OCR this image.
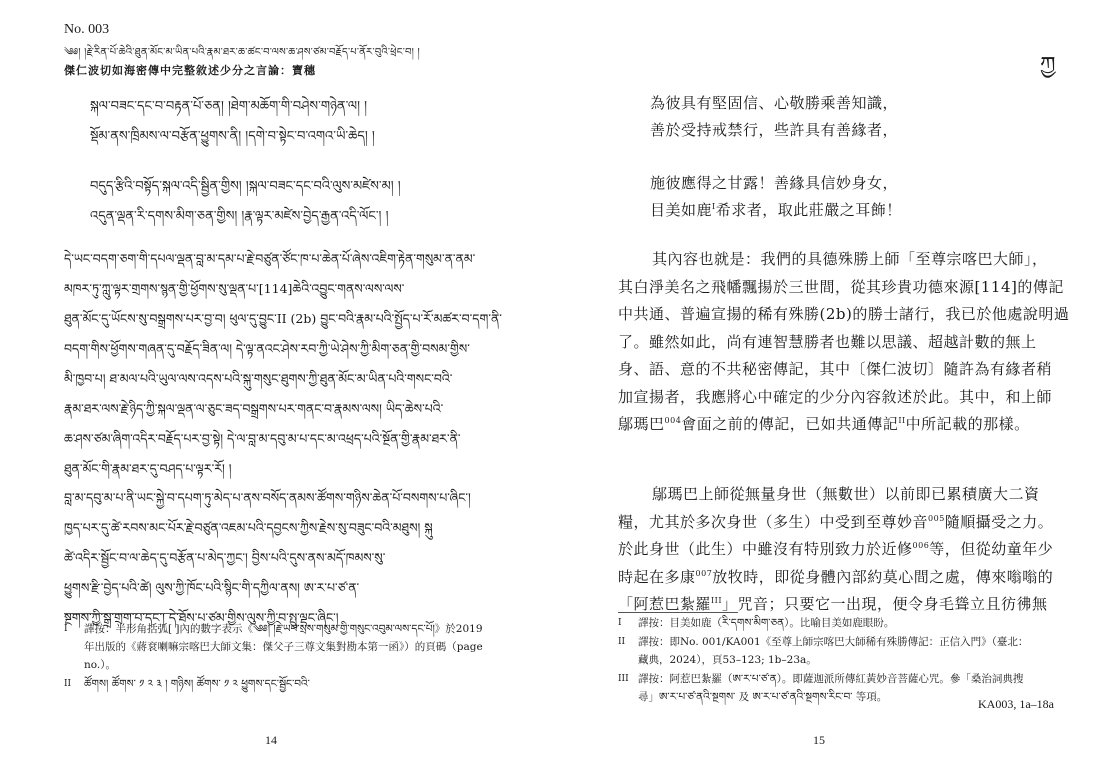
No. 003
༄༅། །རྗེ་རིན་པོ་ཆེའི་ཐུན་མོང་མ་ཡིན་པའི་རྣམ་ཐར་ཆ་ཚང་བ་ལས་ཆ་ཤས་ཙམ་བརྗོད་པ་ནོར་བུའི་ཕྲེང་བ། །
傑仁波切如海密傳中完整敘述少分之言論：寶穗

སྐལ་བཟང་དང་བ་བརྟན་པོ་ཅན། །ཐེག་མཆོག་གི་བཤེས་གཉེན་ལ། །

སྡོམ་ནས་ཁྲིམས་ལ་བརྩོན་ཕྱུགས་ནི། །དགེ་བ་སྟེང་བ་འགའ་ཡི་ཆེད། །

བདུད་རྩིའི་བསྟོད་སྐལ་འདི་སྦྱིན་གྱིས། །སྐལ་བཟང་དང་བའི་ལུས་མཛེས་མ། །

འདུན་ལྡན་རི་དགས་མིག་ཅན་གྱིས། །རྣ་ལྟར་མཛེས་བྱེད་རྒྱན་འདི་ལོང་། །

དེ་ཡང་བདག་ཅག་གི་དཔལ་ལྡན་བླ་མ་དམ་པ་རྗེ་བཙུན་ཙོང་ཁ་པ་ཆེན་པོ་ཞེས་འཇིག་རྟེན་གསུམ་ན་ནམ་

མཁར་ཏུ་ཀླུ་ལྟར་གྲགས་སྙན་གྱི་ཕྱོགས་སུ་ལྡན་པ་[114]ཆེའི་འབྱུང་གནས་ལས་ལས་

ཐུན་མོང་དུ་ཡོངས་སུ་བསྒྲགས་པར་བྱ་བ། ཕུལ་དུ་བྱུང་II (2b) བྱུང་བའི་རྣམ་པའི་སྤྱོད་པ་རོ་མཚར་བ་དག་ནི་

བདག་གིས་ཕྱོགས་གཞན་དུ་བརྗོད་ཟིན་ལ། དེ་ལྟ་ནའང་ཤེས་རབ་ཀྱི་ཡེ་ཤེས་ཀྱི་མིག་ཅན་གྱི་བསམ་གྱིས་

མི་ཁྱབ་པ། ཐ་མལ་པའི་ཡུལ་ལས་འདས་པའི་སྐུ་གསུང་ཐུགས་ཀྱི་ཐུན་མོང་མ་ཡིན་པའི་གསང་བའི་

རྣམ་ཐར་ལས་རྗེ་ཉིད་ཀྱི་སྐལ་ལྡན་ལ་ཅུང་ཟད་བསྒྲགས་པར་གནང་བ་རྣམས་ལས། ཡིད་ཆེས་པའི་

ཆ་ཤས་ཙམ་ཞིག་འདིར་བརྗོད་པར་བྱ་སྟེ། དེ་ལ་བླ་མ་དབུ་མ་པ་དང་མ་འཕྲད་པའི་སྔོན་གྱི་རྣམ་ཐར་ནི་

ཐུན་མོང་གི་རྣམ་ཐར་དུ་བཤད་པ་ལྟར་རོ། །

བླ་མ་དབུ་མ་པ་ནི་ཡང་སྐྱེ་བ་དཔག་ཏུ་མེད་པ་ནས་བསོད་ནམས་ཚོགས་གཉིས་ཆེན་པོ་བསགས་པ་ཞིང་།

ཁྱད་པར་དུ་ཚེ་རབས་མང་པོར་རྗེ་བཙུན་འཇམ་པའི་དབྱངས་ཀྱིས་རྗེས་སུ་བཟུང་བའི་མཐུས། སྐུ

ཚེ་འདིར་སྦྱོང་བ་ལ་ཆེད་དུ་བརྩོན་པ་མེད་ཀྱང་། བྱིས་པའི་དུས་ནས་མདོ་ཁམས་སུ་

ཕྱུགས་རྫི་བྱེད་པའི་ཚེ། ལུས་ཀྱི་ཁོང་པའི་སྙིང་གི་དཀྱིལ་ནས། ཨ་ར་པ་ཙ་ན་

སྔགས་ཀྱི་སྒྲ་གྲག་པ་དང་། དེ་ཐོས་པ་ཙམ་གྱིས་ལུས་ཀྱི་བ་སྤུ་ལྡང་ཞིང་།

I 譯按：半形角括弧[ ]內的數字表示《༄༅། །རྗེ་ཡབ་སྲས་གསུམ་གྱི་གསུང་འབུམ་ལས་དང་པོ།》於2019年出版的《蔣袞喇嘛宗喀巴大師文集：傑父子三尊文集對勘本第一函》）的頁碼（page no.）。
II ཚོགས། ཚོགས་ ༡ ༢ ༣ ། གཉིས། ཚོགས་ ༡ ༢ ཕྱུགས་དང་སྦྱོང་བའི་
14
ཀྱ

為彼具有堅固信、心敬勝乘善知識，

善於受持戒禁行，些許具有善緣者，

施彼應得之甘露！善緣具信妙身女，

目美如鹿$^I$希求者，取此莊嚴之耳飾！

其內容也就是：我們的具德殊勝上師「至尊宗喀巴大師」，

其白淨美名之飛幡飄揚於三世間，從其珍貴功德來源[114]的傳記

中共通、普遍宣揚的稀有殊勝(2b)的勝士諸行，我已於他處說明過

了。雖然如此，尚有連智慧勝者也難以思議、超越計數的無上

身、語、意的不共秘密傳記，其中〔傑仁波切〕隨許為有緣者稍

加宣揚者，我應將心中確定的少分內容敘述於此。其中，和上師

鄔瑪巴$^{004}$會面之前的傳記，已如共通傳記$^{II}$中所記載的那樣。

鄔瑪巴上師從無量身世（無數世）以前即已累積廣大二資

糧，尤其於多次身世（多生）中受到至尊妙音$^{005}$隨順攝受之力。

於此身世（此生）中雖沒有特別致力於近修$^{006}$等，但從幼童年少

時起在多康$^{007}$放牧時，即從身體內部約莫心間之處，傳來嗡嗡的

「阿惹巴紮羅$^{III}$」咒音；只要它一出現，便令身毛聳立且彷彿無

I 譯按：目美如鹿（རི་དགས་མིག་ཅན）。比喻目美如鹿眼盼。
II 譯按：即No. 001/KA001《至尊上師宗喀巴大師稀有殊勝傳記：正信入門》（臺北：藏典，2024），頁53–123; 1b–23a。
III 譯按：阿惹巴紮羅（ཨ་ར་པ་ཙ་ན）。即薩迦派所傳紅黃妙音菩薩心咒。參「桑治詞典搜尋」ཨ་ར་པ་ཙ་ནའི་སྔགས་ 及 ཨ་ར་པ་ཙ་ནའི་སྔགས་རིང་བ་ 等項。	KA003, 1a–18a
15
